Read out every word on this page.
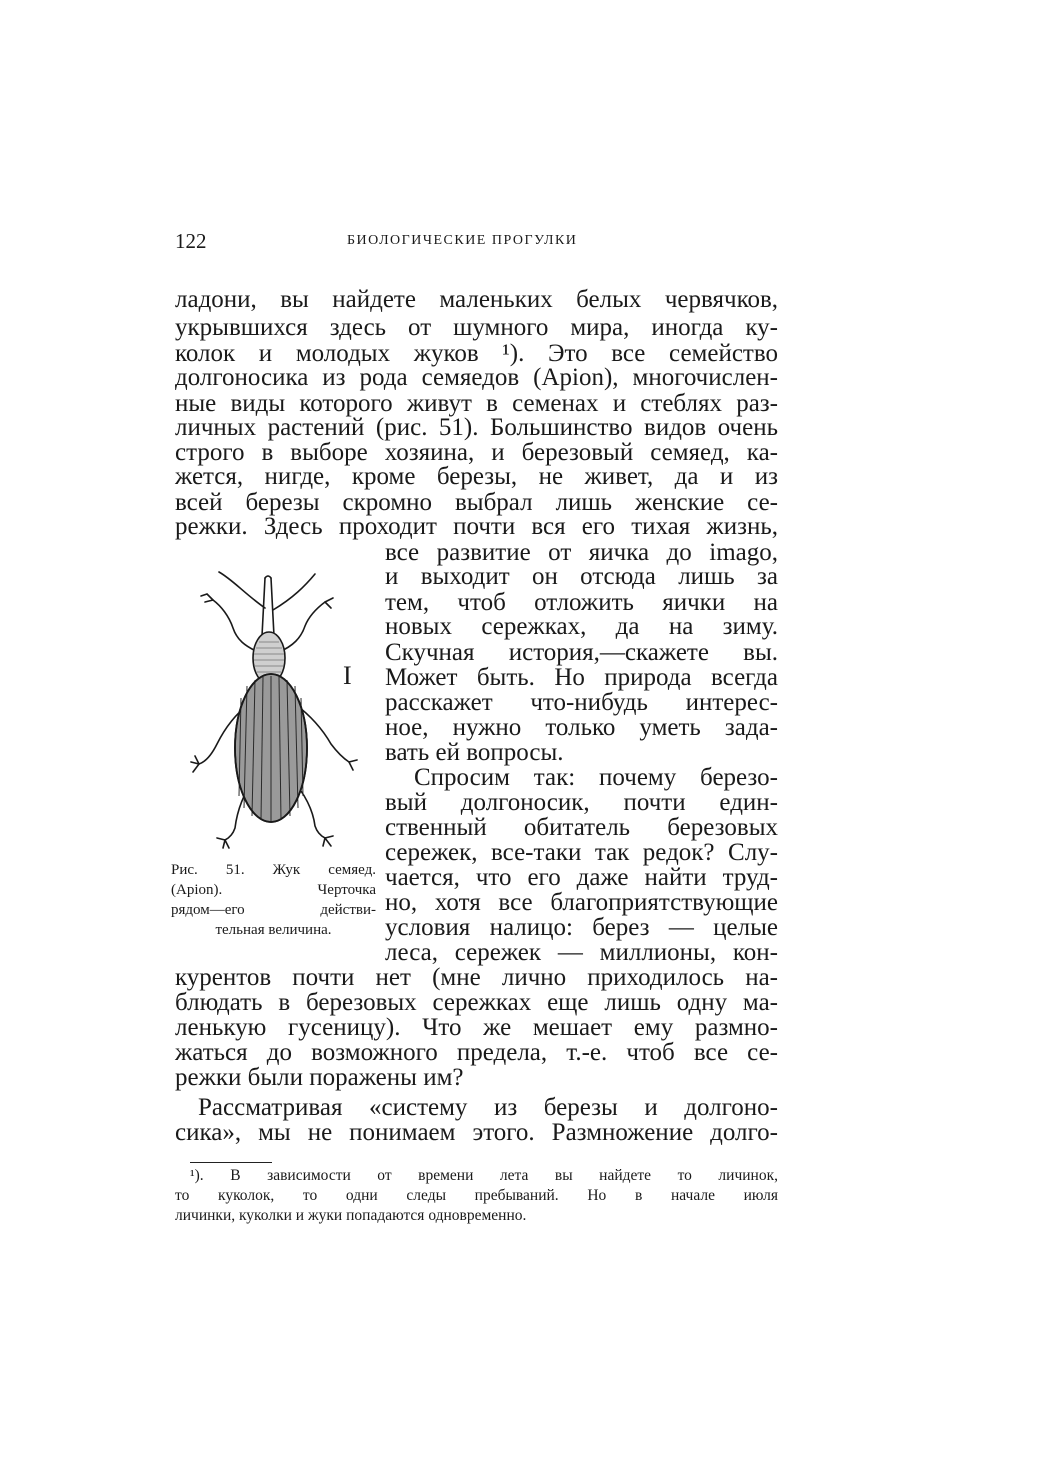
122	БИОЛОГИЧЕСКИЕ ПРОГУЛКИ
ладони, вы найдете маленьких белых червячков,
укрывшихся здесь от шумного мира, иногда ку-
колок и молодых жуков ¹). Это все семейство
долгоносика из рода семяедов (Apion), многочислен-
ные виды которого живут в семенах и стеблях раз-
личных растений (рис. 51). Большинство видов очень
строго в выборе хозяина, и березовый семяед, ка-
жется, нигде, кроме березы, не живет, да и из
всей березы скромно выбрал лишь женские се-
режки. Здесь проходит почти вся его тихая жизнь,
все развитие от яичка до imago,
и выходит он отсюда лишь за
тем, чтоб отложить яички на
новых сережках, да на зиму.
Скучная история,—скажете вы.
Может быть. Но природа всегда
расскажет что-нибудь интерес-
ное, нужно только уметь зада-
вать ей вопросы.
Спросим так: почему березо-
вый долгоносик, почти един-
ственный обитатель березовых
сережек, все-таки так редок? Слу-
чается, что его даже найти труд-
но, хотя все благоприятствующие
условия налицо: берез — целые
леса, сережек — миллионы, кон-
курентов почти нет (мне лично приходилось на-
блюдать в березовых сережках еще лишь одну ма-
ленькую гусеницу). Что же мешает ему размно-
жаться до возможного предела, т.-е. чтоб все се-
режки были поражены им?
Рассматривая «систему из березы и долгоно-
сика», мы не понимаем этого. Размножение долго-
I
Рис. 51. Жук семяед.
(Apion). Черточка
рядом—его действи-
тельная величина.
¹). В зависимости от времени лета вы найдете то личинок,
то куколок, то одни следы пребываний. Но в начале июля
личинки, куколки и жуки попадаются одновременно.
